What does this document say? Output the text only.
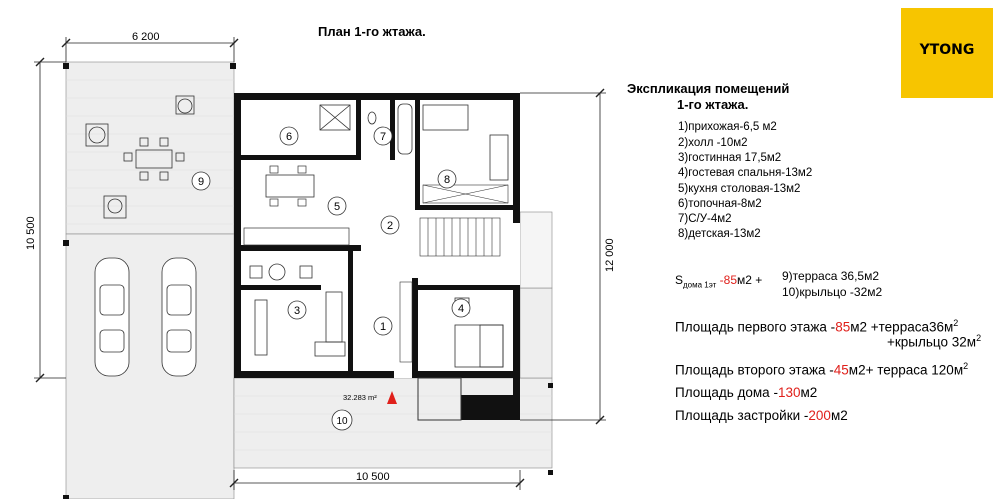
6 200
10 500
12 000
10 500
1
2
3	4
5
6	7
8
9
10
32.283 m²
План 1-го жтажа.
YTONG
Экспликация помещений
1-го жтажа.
1)прихожая-6,5 м2
2)холл -10м2
3)гостинная 17,5м2
4)гостевая спальня-13м2
5)кухня столовая-13м2
6)топочная-8м2
7)С/У-4м2
8)детская-13м2
$S_{дома 1эт}$ -85м2 + 9)терраса 36,5м2
10)крыльцо -32м2
Площадь первого этажа $-85м2 +терраса36м^2$
+крыльцо $32м^2$
Площадь второго этажа -45м2+ терраса $120м^2$
Площадь дома -130м2
Площадь застройки -200м2
